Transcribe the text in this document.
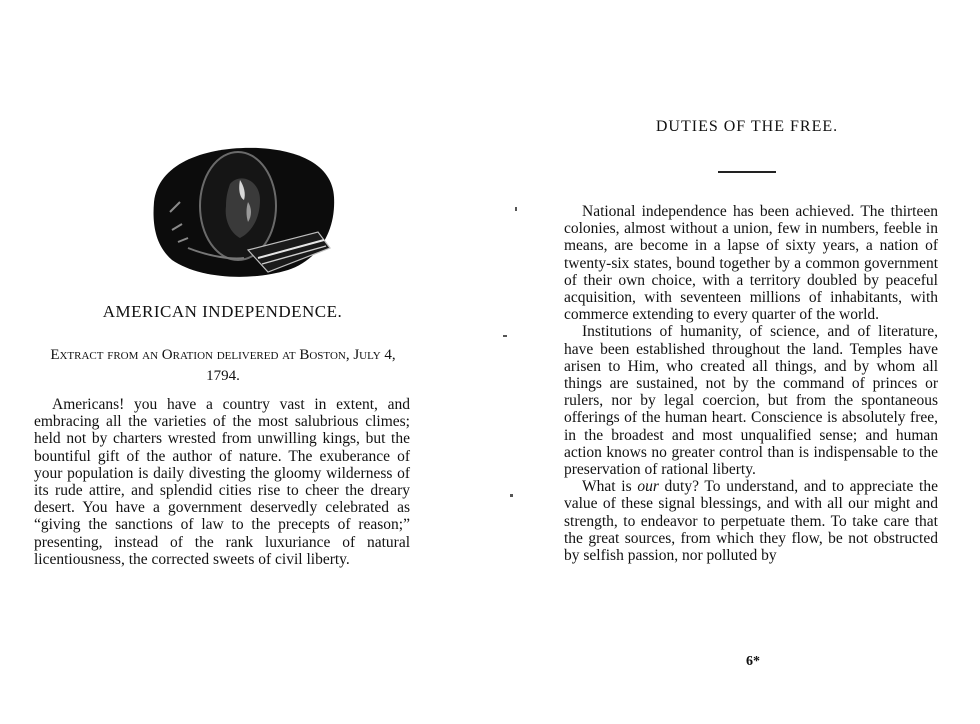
AMERICAN INDEPENDENCE.
Extract from an Oration delivered at Boston, July 4, 1794.

Americans! you have a country vast in extent, and embracing all the varieties of the most salubrious climes; held not by charters wrested from unwilling kings, but the bountiful gift of the author of nature. The exuberance of your population is daily divesting the gloomy wilderness of its rude attire, and splendid cities rise to cheer the dreary desert. You have a government deservedly celebrated as “giving the sanctions of law to the precepts of reason;” presenting, instead of the rank luxuriance of natural licentiousness, the corrected sweets of civil liberty.

DUTIES OF THE FREE.

National independence has been achieved. The thirteen colonies, almost without a union, few in numbers, feeble in means, are become in a lapse of sixty years, a nation of twenty-six states, bound together by a common government of their own choice, with a territory doubled by peaceful acquisition, with seventeen millions of inhabitants, with commerce extending to every quarter of the world.

Institutions of humanity, of science, and of literature, have been established throughout the land. Temples have arisen to Him, who created all things, and by whom all things are sustained, not by the command of princes or rulers, nor by legal coercion, but from the spontaneous offerings of the human heart. Conscience is absolutely free, in the broadest and most unqualified sense; and human action knows no greater control than is indispensable to the preservation of rational liberty.

What is our duty? To understand, and to appreciate the value of these signal blessings, and with all our might and strength, to endeavor to perpetuate them. To take care that the great sources, from which they flow, be not obstructed by selfish passion, nor polluted by

6*
